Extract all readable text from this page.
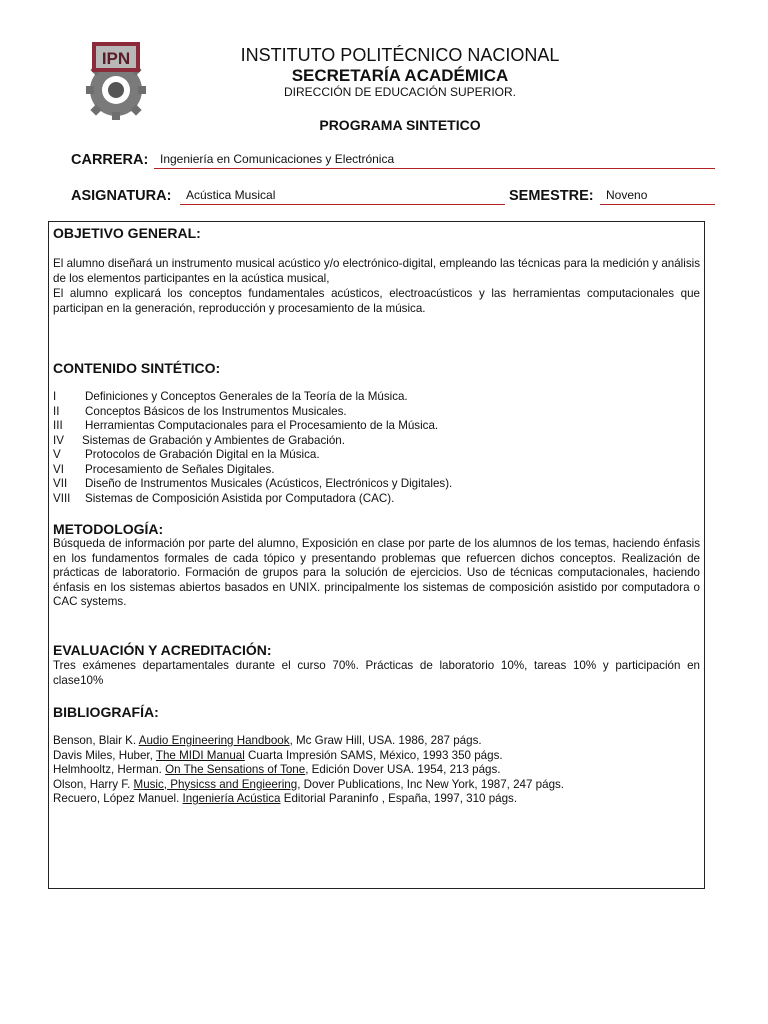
IPN	INSTITUTO POLITÉCNICO NACIONAL
SECRETARÍA ACADÉMICA
DIRECCIÓN DE EDUCACIÓN SUPERIOR.
PROGRAMA SINTETICO
CARRERA: Ingeniería en Comunicaciones y Electrónica
ASIGNATURA:	Acústica Musical	SEMESTRE:	Noveno
OBJETIVO GENERAL:
El alumno diseñará un instrumento musical acústico y/o electrónico-digital, empleando las técnicas para la medición y análisis de los elementos participantes en la acústica musical,
El alumno explicará los conceptos fundamentales acústicos, electroacústicos y las herramientas computacionales que participan en la generación, reproducción y procesamiento de la música.
CONTENIDO SINTÉTICO:
I Definiciones y Conceptos Generales de la Teoría de la Música.
II Conceptos Básicos de los Instrumentos Musicales.
III Herramientas Computacionales para el Procesamiento de la Música.
IV Sistemas de Grabación y Ambientes de Grabación.
V Protocolos de Grabación Digital en la Música.
VI Procesamiento de Señales Digitales.
VII Diseño de Instrumentos Musicales (Acústicos, Electrónicos y Digitales).
VIII Sistemas de Composición Asistida por Computadora (CAC).
METODOLOGÍA:
Búsqueda de información por parte del alumno, Exposición en clase por parte de los alumnos de los temas, haciendo énfasis en los fundamentos formales de cada tópico y presentando problemas que refuercen dichos conceptos. Realización de prácticas de laboratorio. Formación de grupos para la solución de ejercicios. Uso de técnicas computacionales, haciendo énfasis en los sistemas abiertos basados en UNIX. principalmente los sistemas de composición asistido por computadora o CAC systems.
EVALUACIÓN Y ACREDITACIÓN:
Tres exámenes departamentales durante el curso 70%. Prácticas de laboratorio 10%, tareas 10% y participación en clase10%
BIBLIOGRAFÍA:
Benson, Blair K. Audio Engineering Handbook, Mc Graw Hill, USA. 1986, 287 págs.
Davis Miles, Huber, The MIDI Manual Cuarta Impresión SAMS, México, 1993 350 págs.
Helmhooltz, Herman. On The Sensations of Tone, Edición Dover USA. 1954, 213 págs.
Olson, Harry F. Music, Physicss and Engieering, Dover Publications, Inc New York, 1987, 247 págs.
Recuero, López Manuel. Ingeniería Acústica Editorial Paraninfo , España, 1997, 310 págs.
